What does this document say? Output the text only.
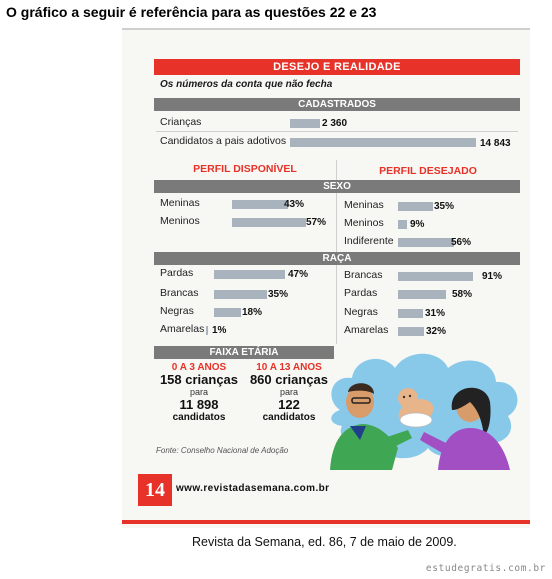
O gráfico a seguir é referência para as questões 22 e 23
DESEJO E REALIDADE
Os números da conta que não fecha
CADASTRADOS
Crianças	2 360
Candidatos a pais adotivos	14 843
PERFIL DISPONÍVEL	PERFIL DESEJADO
SEXO
Meninas	43%
Meninos	57%
Meninas	35%
Meninos	9%
Indiferente	56%
RAÇA
Pardas	47%
Brancas	35%
Negras	18%
Amarelas 1%
Brancas	91%
Pardas	58%
Negras	31%
Amarelas	32%
FAIXA ETÁRIA
0 A 3 ANOS
158 crianças
para
11 898
candidatos
10 A 13 ANOS
860 crianças
para
122
candidatos
Fonte: Conselho Nacional de Adoção
14	www.revistadasemana.com.br
Revista da Semana, ed. 86, 7 de maio de 2009.
estudegratis.com.br
